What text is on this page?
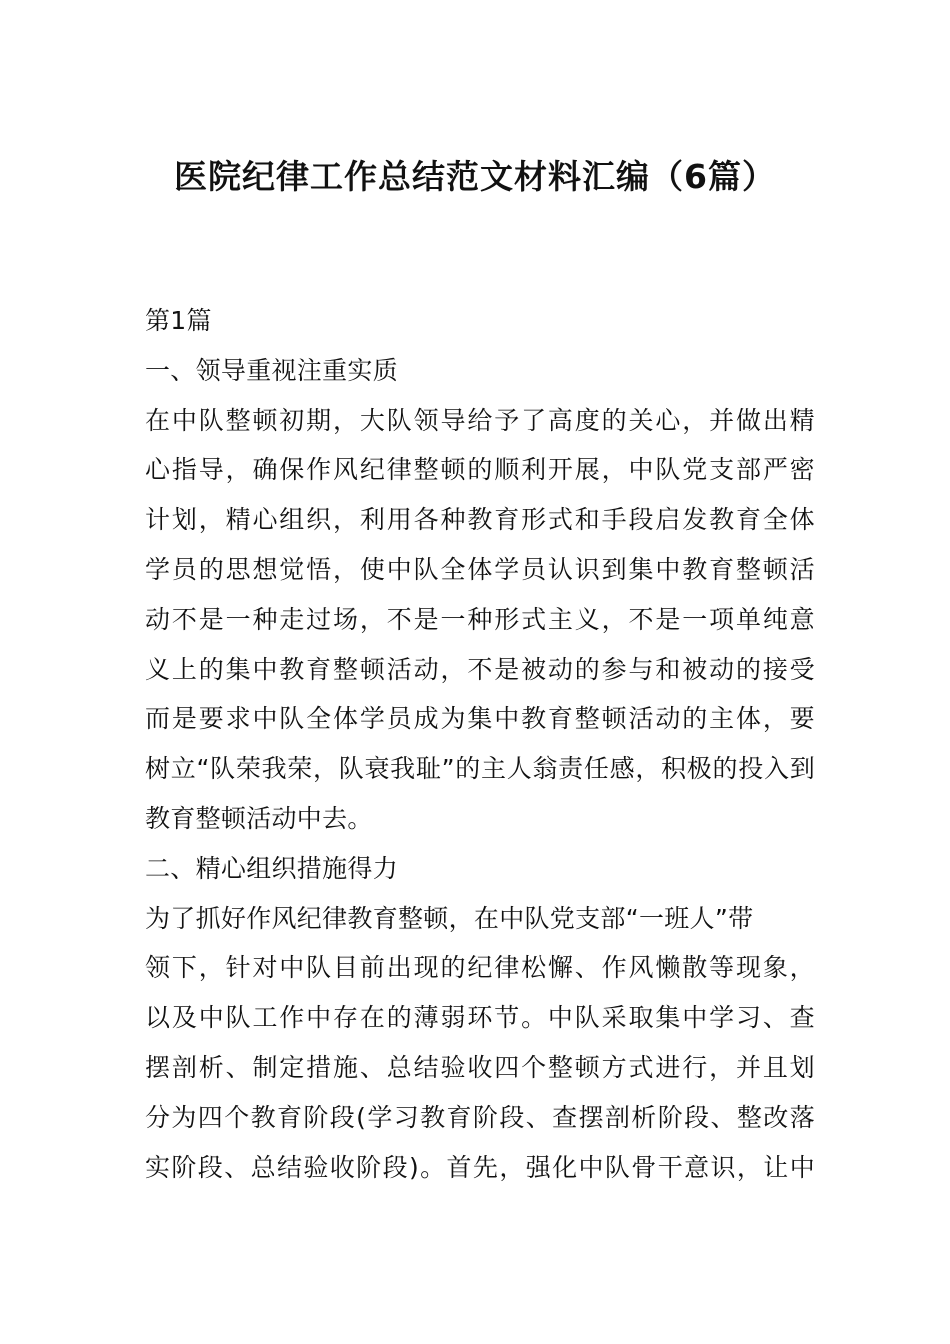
医院纪律工作总结范文材料汇编（6篇）
第1篇
一、领导重视注重实质
在中队整顿初期，大队领导给予了高度的关心，并做出精
心指导，确保作风纪律整顿的顺利开展，中队党支部严密
计划，精心组织，利用各种教育形式和手段启发教育全体
学员的思想觉悟，使中队全体学员认识到集中教育整顿活
动不是一种走过场，不是一种形式主义，不是一项单纯意
义上的集中教育整顿活动，不是被动的参与和被动的接受
而是要求中队全体学员成为集中教育整顿活动的主体，要
树立“队荣我荣，队衰我耻”的主人翁责任感，积极的投入到
教育整顿活动中去。
二、精心组织措施得力
为了抓好作风纪律教育整顿，在中队党支部“一班人”带
领下，针对中队目前出现的纪律松懈、作风懒散等现象，
以及中队工作中存在的薄弱环节。中队采取集中学习、查
摆剖析、制定措施、总结验收四个整顿方式进行，并且划
分为四个教育阶段(学习教育阶段、查摆剖析阶段、整改落
实阶段、总结验收阶段)。首先，强化中队骨干意识，让中
